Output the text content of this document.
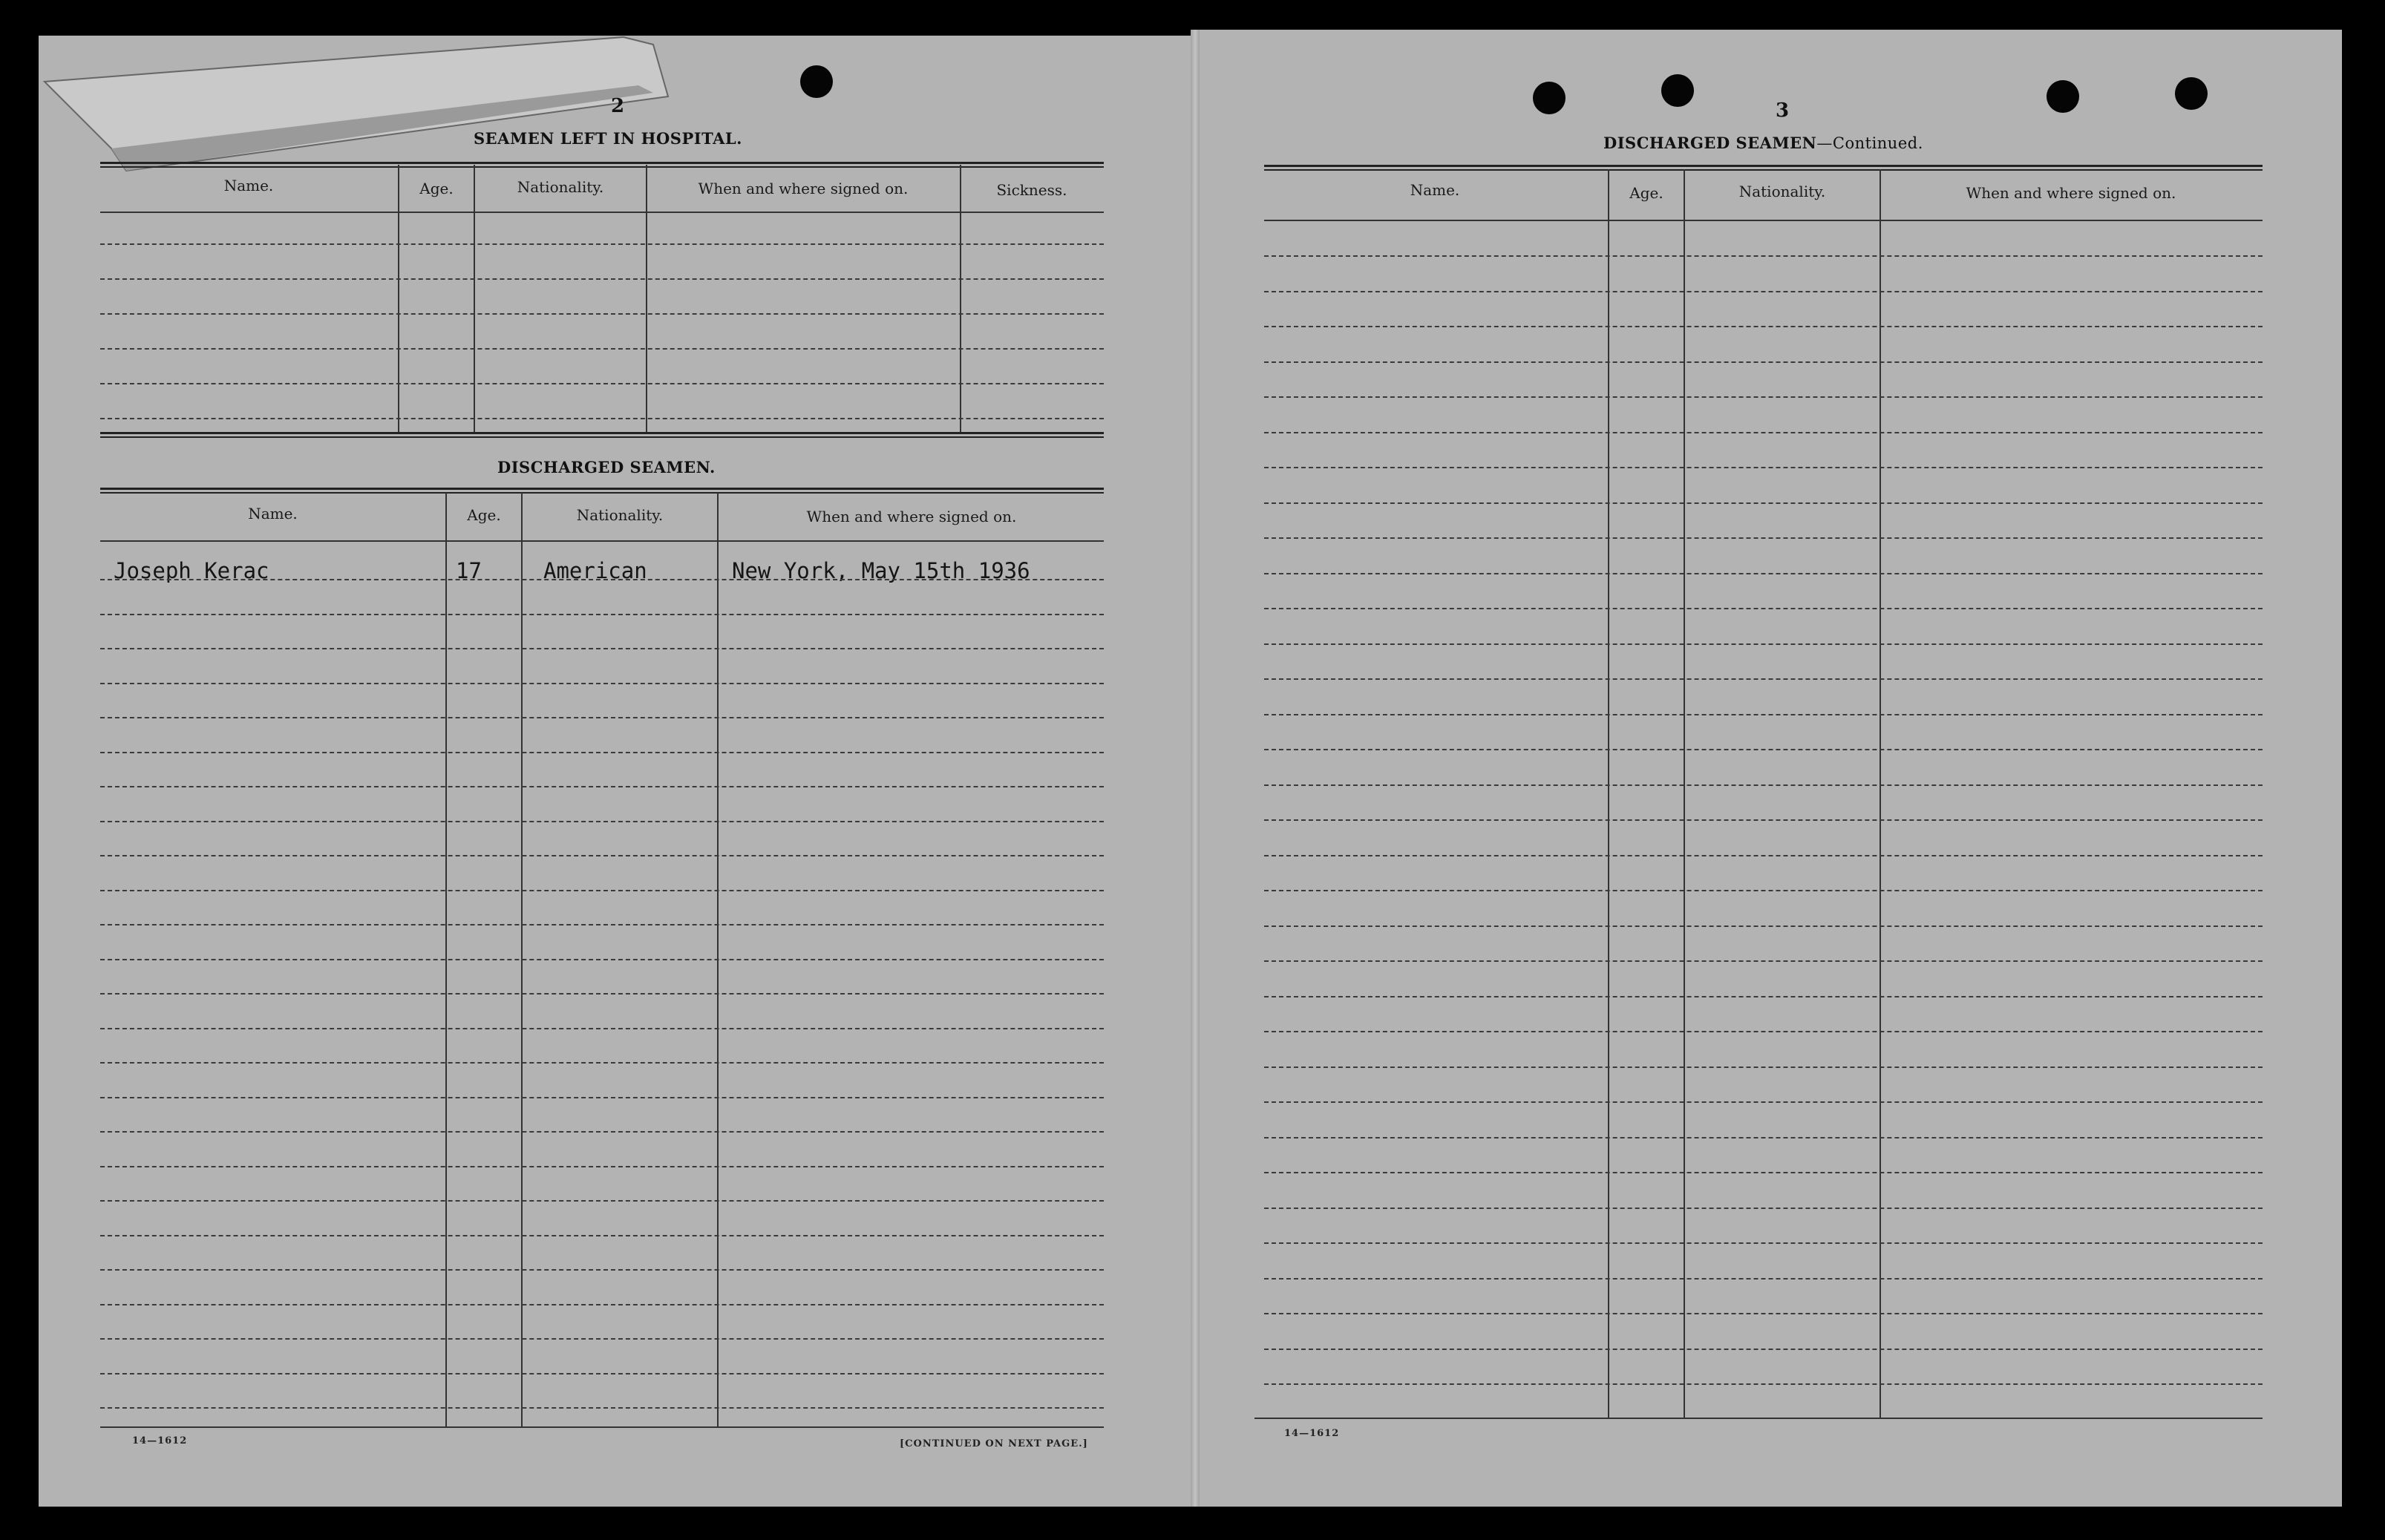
2
SEAMEN LEFT IN HOSPITAL.
Name.	Age.	Nationality.	When and where signed on.	Sickness.
DISCHARGED SEAMEN.
Name.	Age.	Nationality.	When and where signed on.
Joseph Kerac	17	American	New York, May 15th 1936
14—1612	[CONTINUED ON NEXT PAGE.]
3
DISCHARGED SEAMEN—Continued.
Name.	Age.	Nationality.	When and where signed on.
14—1612
